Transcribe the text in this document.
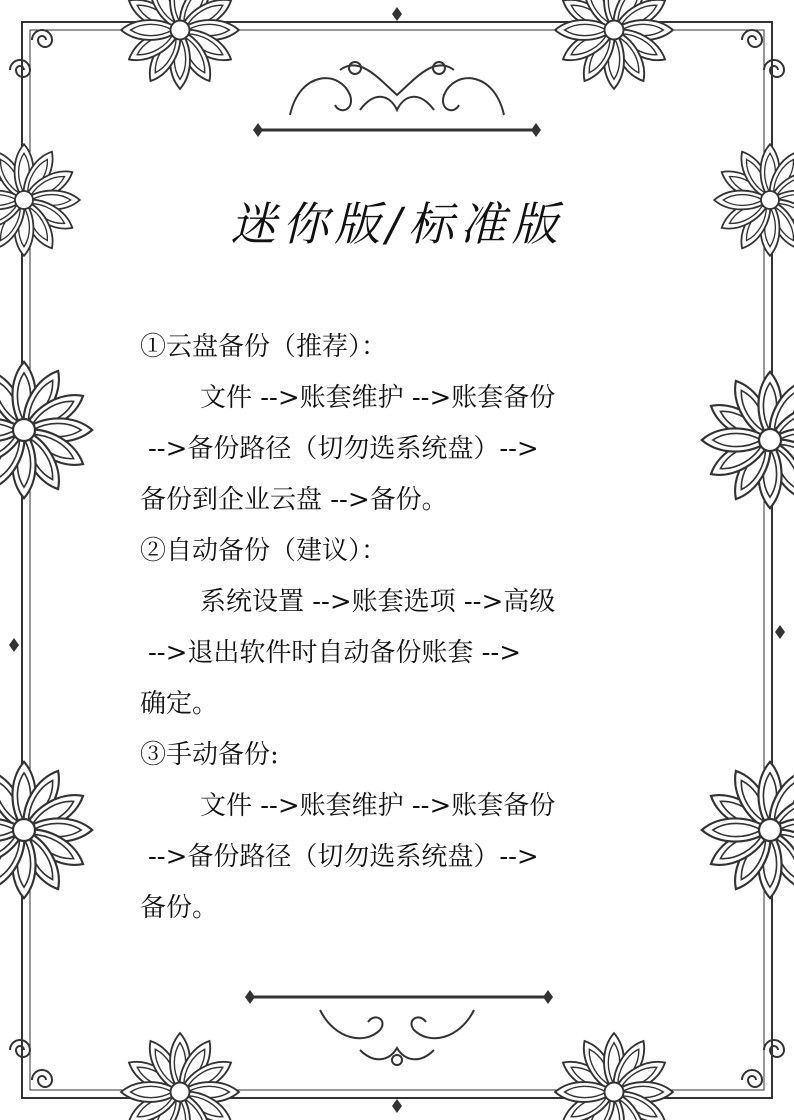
迷你版/标准版
①云盘备份（推荐）：
文件 -->账套维护 -->账套备份
-->备份路径（切勿选系统盘）-->
备份到企业云盘 -->备份。
②自动备份（建议）：
系统设置 -->账套选项 -->高级
-->退出软件时自动备份账套 -->
确定。
③手动备份:
文件 -->账套维护 -->账套备份
-->备份路径（切勿选系统盘）-->
备份。
